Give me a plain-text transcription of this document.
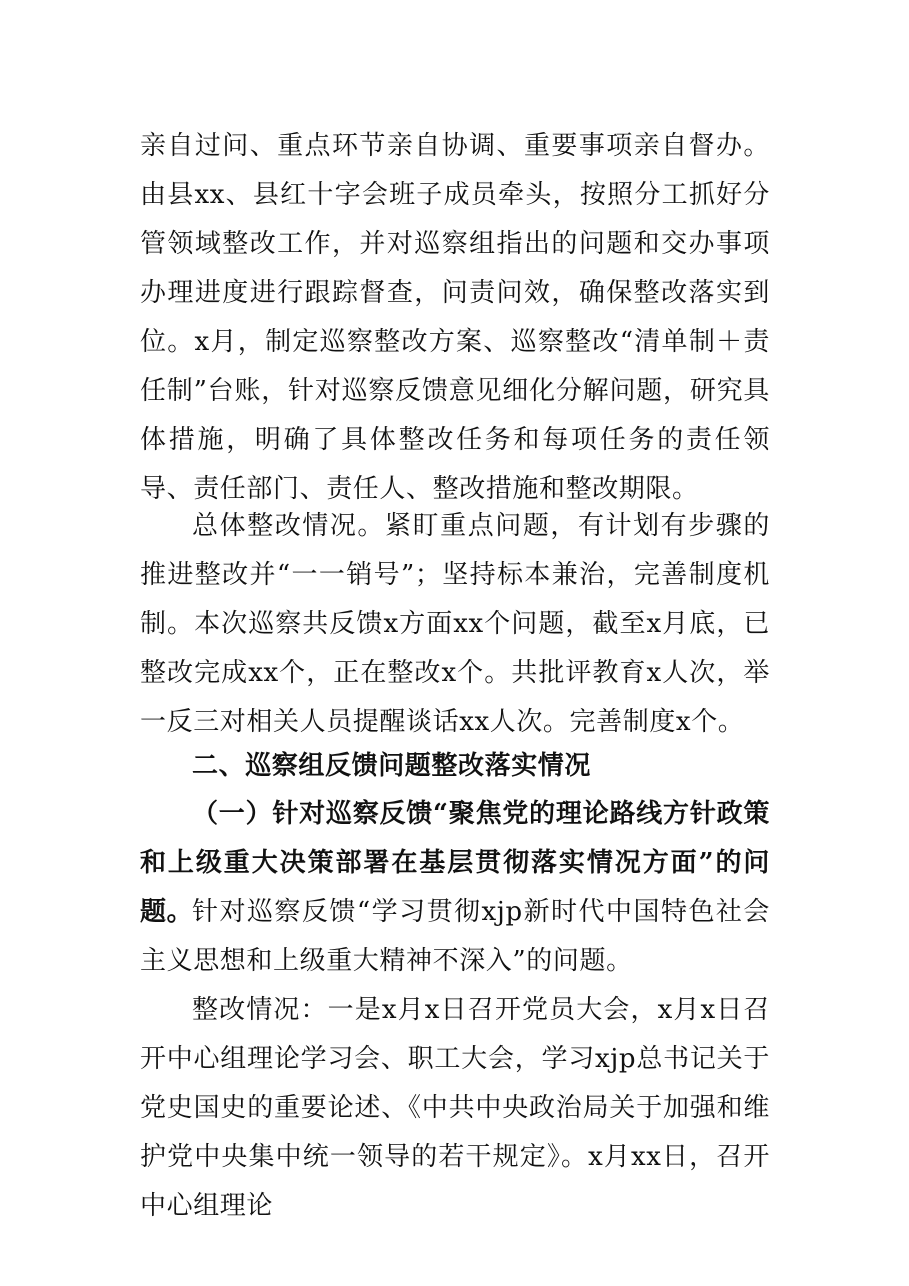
亲自过问、重点环节亲自协调、重要事项亲自督办。由县xx、县红十字会班子成员牵头，按照分工抓好分管领域整改工作，并对巡察组指出的问题和交办事项办理进度进行跟踪督查，问责问效，确保整改落实到位。x月，制定巡察整改方案、巡察整改“清单制＋责任制”台账，针对巡察反馈意见细化分解问题，研究具体措施，明确了具体整改任务和每项任务的责任领导、责任部门、责任人、整改措施和整改期限。

总体整改情况。紧盯重点问题，有计划有步骤的推进整改并“一一销号”；坚持标本兼治，完善制度机制。本次巡察共反馈x方面xx个问题，截至x月底，已整改完成xx个，正在整改x个。共批评教育x人次，举一反三对相关人员提醒谈话xx人次。完善制度x个。

二、巡察组反馈问题整改落实情况

（一）针对巡察反馈“聚焦党的理论路线方针政策和上级重大决策部署在基层贯彻落实情况方面”的问题。

针对巡察反馈“学习贯彻xjp新时代中国特色社会主义思想和上级重大精神不深入”的问题。

整改情况：一是x月x日召开党员大会，x月x日召开中心组理论学习会、职工大会，学习xjp总书记关于党史国史的重要论述、《中共中央政治局关于加强和维护党中央集中统一领导的若干规定》。x月xx日，召开中心组理论
